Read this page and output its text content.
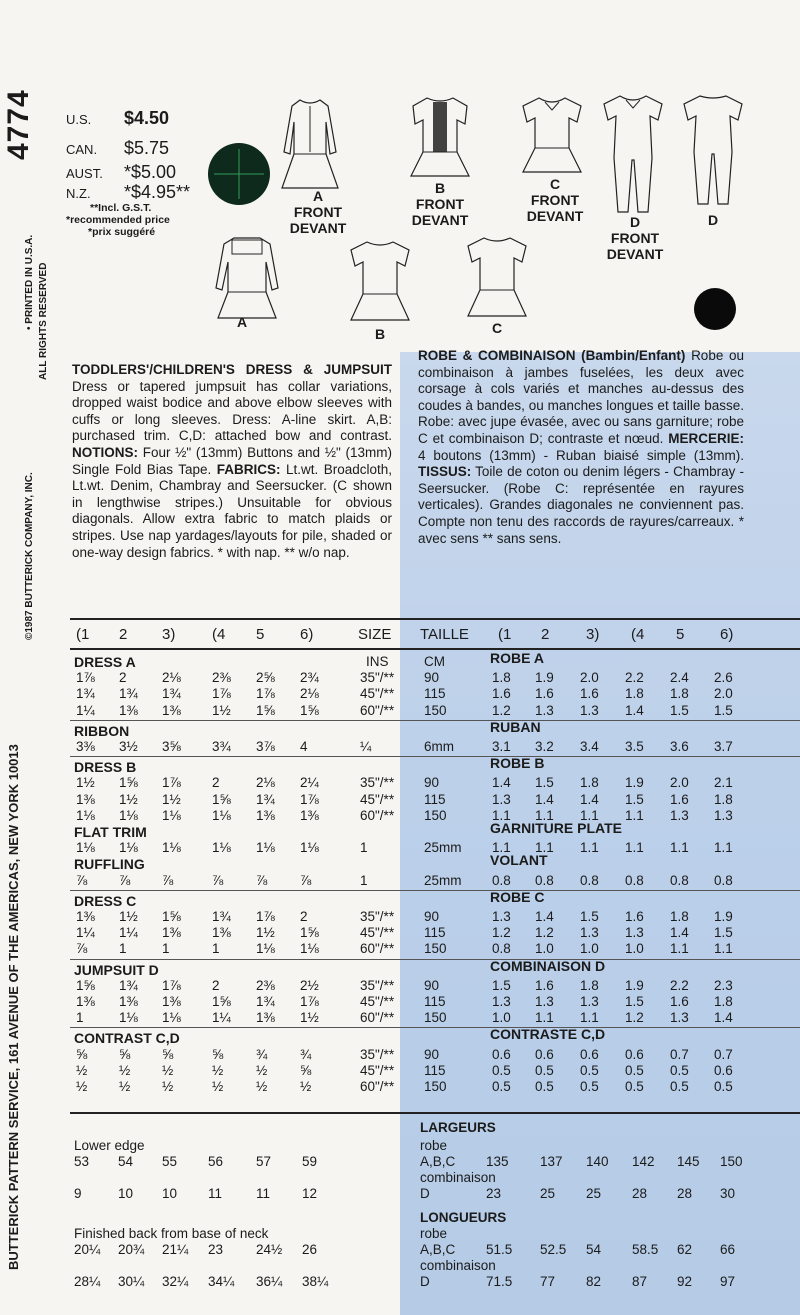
4774
BUTTERICK PATTERN SERVICE, 161 AVENUE OF THE AMERICAS, NEW YORK 10013
©1987 BUTTERICK COMPANY, INC.
ALL RIGHTS RESERVED
• PRINTED IN U.S.A.
U.S.	$4.50
CAN.	$5.75
AUST.	*$5.00
N.Z.	*$4.95**
**Incl. G.S.T.
*recommended price
*prix suggéré
A
FRONT
DEVANT
B
FRONT
DEVANT
C
FRONT
DEVANT	D
FRONT
DEVANT
D
A
B	C
TODDLERS'/CHILDREN'S DRESS & JUMPSUIT Dress or tapered jumpsuit has collar variations, dropped waist bodice and above elbow sleeves with cuffs or long sleeves. Dress: A-line skirt. A,B: purchased trim. C,D: attached bow and contrast. NOTIONS: Four ½" (13mm) Buttons and ½" (13mm) Single Fold Bias Tape. FABRICS: Lt.wt. Broadcloth, Lt.wt. Denim, Chambray and Seersucker. (C shown in lengthwise stripes.) Unsuitable for obvious diagonals. Allow extra fabric to match plaids or stripes. Use nap yardages/layouts for pile, shaded or one-way design fabrics. * with nap. ** w/o nap.
ROBE & COMBINAISON (Bambin/Enfant) Robe ou combinaison à jambes fuselées, les deux avec corsage à cols variés et manches au-dessus des coudes à bandes, ou manches longues et taille basse. Robe: avec jupe évasée, avec ou sans garniture; robe C et combinaison D; contraste et nœud. MERCERIE: 4 boutons (13mm) - Ruban biaisé simple (13mm). TISSUS: Toile de coton ou denim légers - Chambray - Seersucker. (Robe C: représentée en rayures verticales). Grandes diagonales ne conviennent pas. Compte non tenu des raccords de rayures/carreaux. * avec sens ** sans sens.
(1 2 3) (4 5 6)	SIZE TAILLE (1 2 3) (4 5 6)
DRESS A	ROBE A
INS	CM
1⅞ 2	2⅛ 2⅜ 2⅝ 2¾	35"/** 90	1.8 1.9 2.0 2.2 2.4 2.6
1¾ 1¾ 1¾ 1⅞ 1⅞ 2⅛	45"/** 115	1.6 1.6 1.6 1.8 1.8 2.0
1¼ 1⅜ 1⅜ 1½ 1⅝ 1⅝	60"/** 150	1.2 1.3 1.3 1.4 1.5 1.5
RIBBON	RUBAN
3⅜ 3½ 3⅝ 3¾ 3⅞ 4	¼	6mm	3.1 3.2 3.4 3.5 3.6 3.7
DRESS B	ROBE B
1½ 1⅝ 1⅞ 2	2⅛ 2¼	35"/** 90	1.4 1.5 1.8 1.9 2.0 2.1
1⅜ 1½ 1½ 1⅝ 1¾ 1⅞	45"/** 115	1.3 1.4 1.4 1.5 1.6 1.8
1⅛ 1⅛ 1⅛ 1⅛ 1⅜ 1⅜	60"/** 150	1.1 1.1 1.1 1.1 1.3 1.3
FLAT TRIM	GARNITURE PLATE
1⅛ 1⅛ 1⅛ 1⅛ 1⅛ 1⅛	1	25mm 1.1 1.1 1.1 1.1 1.1 1.1
RUFFLING	VOLANT
⅞ ⅞ ⅞	⅞ ⅞ ⅞	1	25mm 0.8 0.8 0.8 0.8 0.8 0.8
DRESS C	ROBE C
1⅜ 1½ 1⅝ 1¾ 1⅞ 2	35"/** 90	1.3 1.4 1.5 1.6 1.8 1.9
1¼ 1¼ 1⅜ 1⅜ 1½ 1⅝	45"/** 115	1.2 1.2 1.3 1.3 1.4 1.5
⅞ 1	1	1	1⅛ 1⅛	60"/** 150	0.8 1.0 1.0 1.0 1.1 1.1
JUMPSUIT D	COMBINAISON D
1⅝ 1¾ 1⅞ 2	2⅜ 2½	35"/** 90	1.5 1.6 1.8 1.9 2.2 2.3
1⅜ 1⅜ 1⅜ 1⅝ 1¾ 1⅞	45"/** 115	1.3 1.3 1.3 1.5 1.6 1.8
1	1⅛ 1⅛ 1¼ 1⅜ 1½	60"/** 150	1.0 1.1 1.1 1.2 1.3 1.4
CONTRAST C,D	CONTRASTE C,D
⅝ ⅝ ⅝	⅝ ¾ ¾	35"/** 90	0.6 0.6 0.6 0.6 0.7 0.7
½ ½ ½	½ ½ ⅝	45"/** 115	0.5 0.5 0.5 0.5 0.5 0.6
½ ½ ½	½ ½ ½	60"/** 150	0.5 0.5 0.5 0.5 0.5 0.5
LARGEURS
Lower edge	robe
53 54 55 56 57 59	A,B,C 135 137 140 142 145 150
combinaison
9	10 10 11	11 12	D	23	25 25 28 28 30
LONGUEURS
Finished back from base of neck	robe
20¼ 20¾ 21¼ 23 24½ 26	A,B,C 51.5 52.5 54 58.5 62 66
combinaison
28¼ 30¼ 32¼ 34¼ 36¼ 38¼	D	71.5 77 82 87 92 97
